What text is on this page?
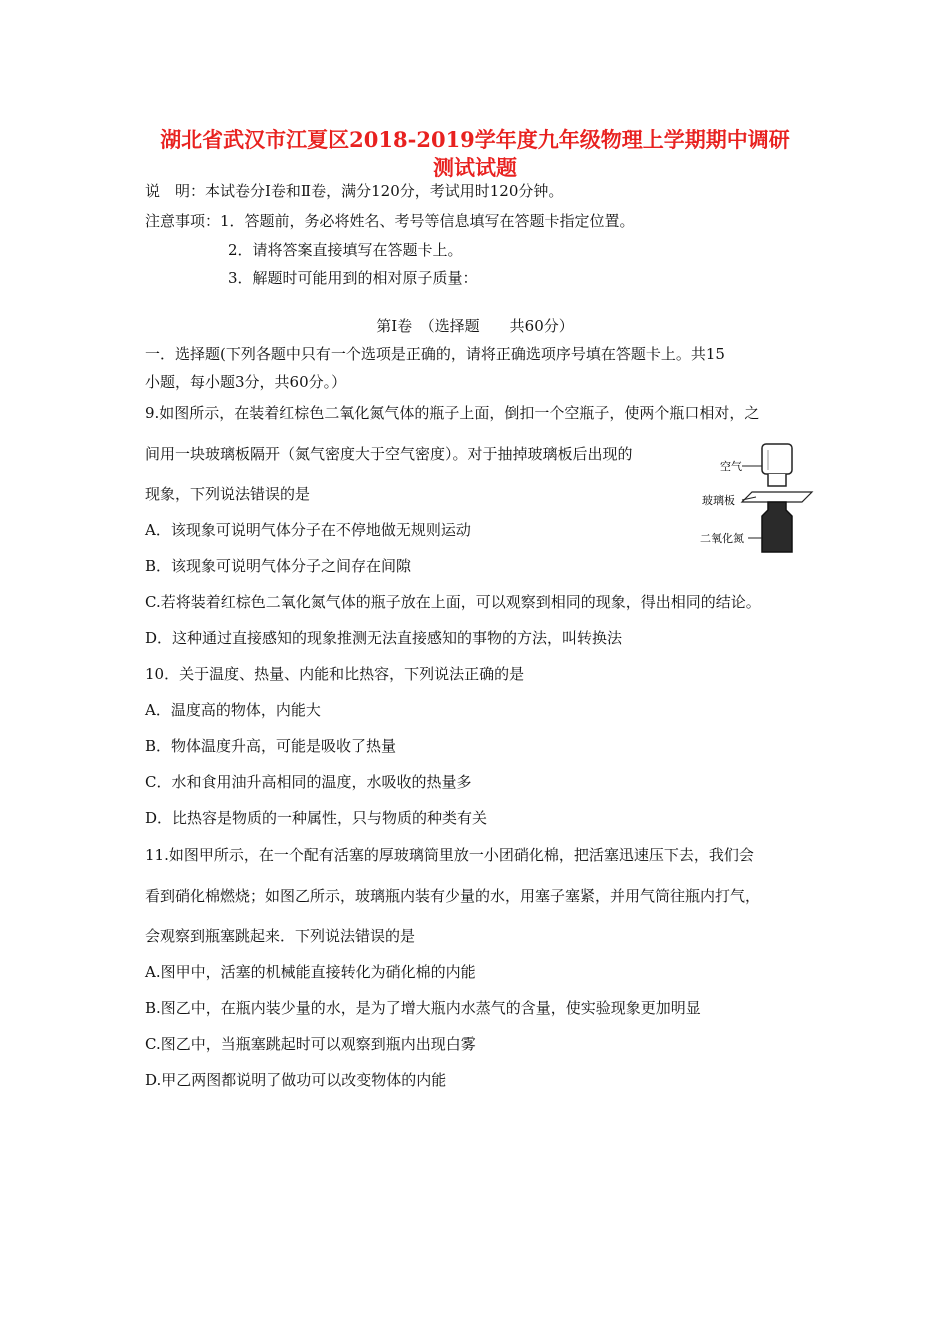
湖北省武汉市江夏区2018-2019学年度九年级物理上学期期中调研
测试试题
说　明：本试卷分Ⅰ卷和Ⅱ卷，满分120分，考试用时120分钟。
注意事项：1．答题前，务必将姓名、考号等信息填写在答题卡指定位置。
2．请将答案直接填写在答题卡上。
3．解题时可能用到的相对原子质量：
第Ⅰ卷　（选择题　　共60分）
一．选择题(下列各题中只有一个选项是正确的，请将正确选项序号填在答题卡上。共15
小题，每小题3分，共60分。）
9.如图所示，在装着红棕色二氧化氮气体的瓶子上面，倒扣一个空瓶子，使两个瓶口相对，之
间用一块玻璃板隔开（氮气密度大于空气密度）。对于抽掉玻璃板后出现的
现象，下列说法错误的是
A．该现象可说明气体分子在不停地做无规则运动
B．该现象可说明气体分子之间存在间隙
C.若将装着红棕色二氧化氮气体的瓶子放在上面，可以观察到相同的现象，得出相同的结论。
D．这种通过直接感知的现象推测无法直接感知的事物的方法，叫转换法
空气
玻璃板
二氧化氮
10．关于温度、热量、内能和比热容，下列说法正确的是
A．温度高的物体，内能大
B．物体温度升高，可能是吸收了热量
C．水和食用油升高相同的温度，水吸收的热量多
D．比热容是物质的一种属性，只与物质的种类有关
11.如图甲所示，在一个配有活塞的厚玻璃筒里放一小团硝化棉，把活塞迅速压下去，我们会
看到硝化棉燃烧；如图乙所示，玻璃瓶内装有少量的水，用塞子塞紧，并用气筒往瓶内打气，
会观察到瓶塞跳起来．下列说法错误的是
A.图甲中，活塞的机械能直接转化为硝化棉的内能
B.图乙中，在瓶内装少量的水，是为了增大瓶内水蒸气的含量，使实验现象更加明显
C.图乙中，当瓶塞跳起时可以观察到瓶内出现白雾
D.甲乙两图都说明了做功可以改变物体的内能
